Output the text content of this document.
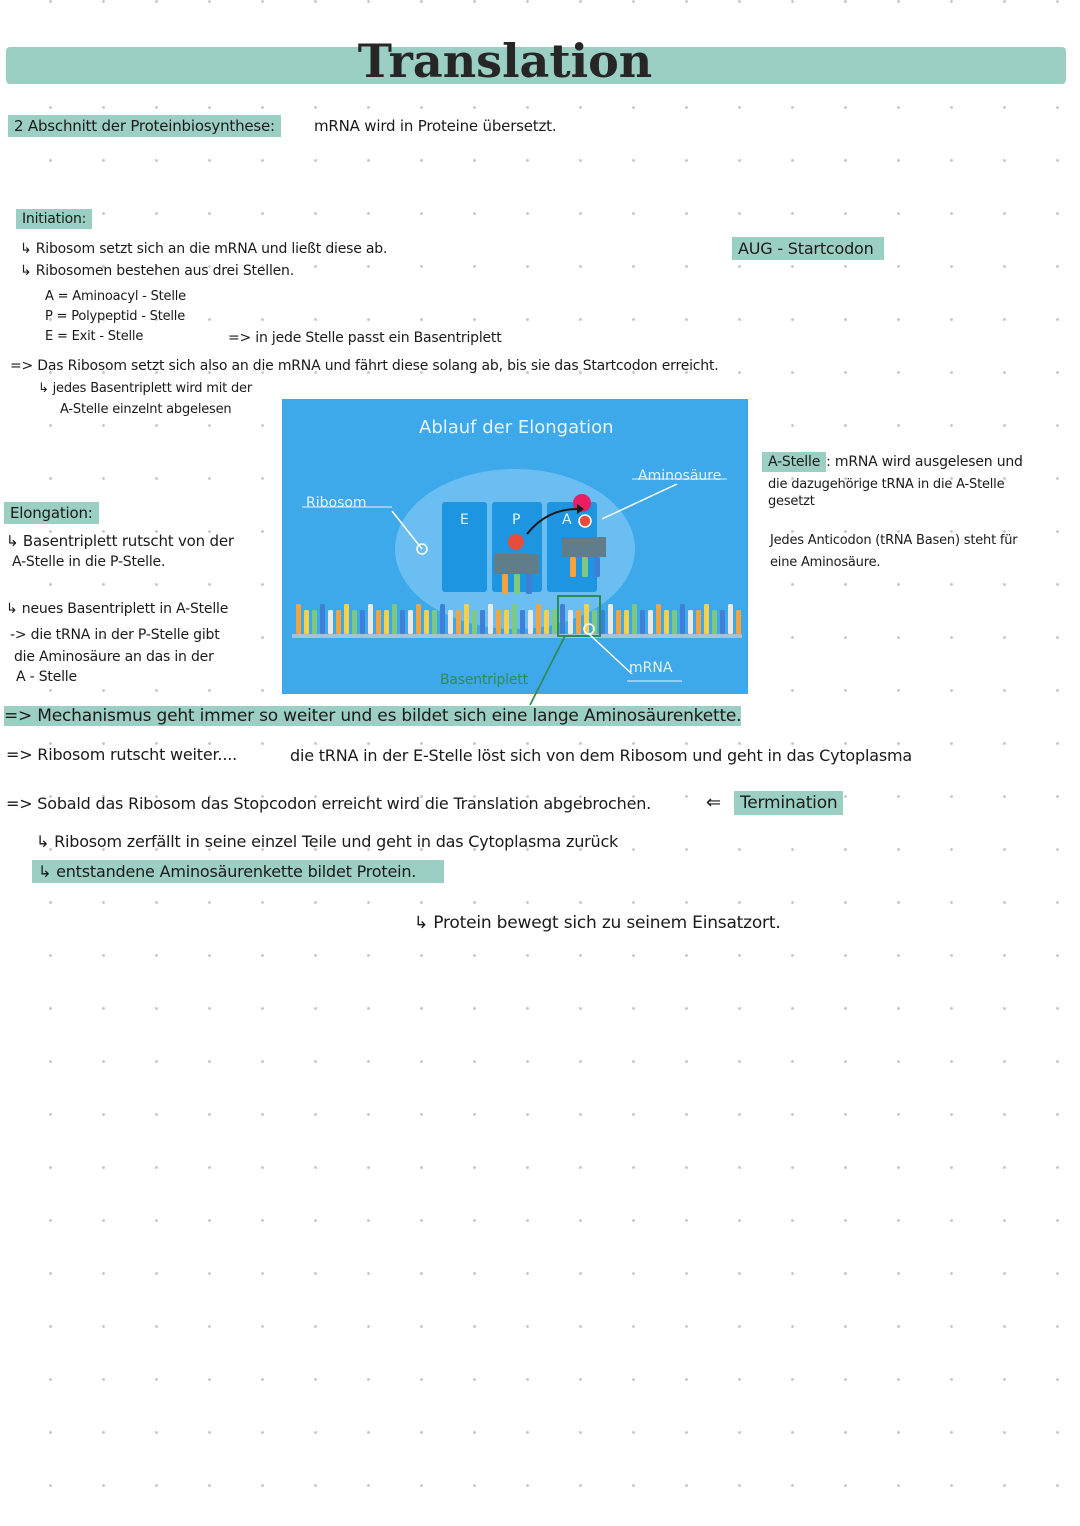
Translation
2 Abschnitt der Proteinbiosynthese:	mRNA wird in Proteine übersetzt.
Initiation:
↳ Ribosom setzt sich an die mRNA und ließt diese ab.
↳ Ribosomen bestehen aus drei Stellen.
A = Aminoacyl - Stelle
P = Polypeptid - Stelle
E = Exit - Stelle	=> in jede Stelle passt ein Basentriplett
AUG - Startcodon
=> Das Ribosom setzt sich also an die mRNA und fährt diese solang ab, bis sie das Startcodon erreicht.
↳ jedes Basentriplett wird mit der
A-Stelle einzelnt abgelesen
Ablauf der Elongation
Ribosom
Aminosäure
mRNA
E	P	A
Basentriplett
Elongation:
↳ Basentriplett rutscht von der
A-Stelle in die P-Stelle.
↳ neues Basentriplett in A-Stelle
-> die tRNA in der P-Stelle gibt
die Aminosäure an das in der
A - Stelle
A-Stelle : mRNA wird ausgelesen und
die dazugehörige tRNA in die A-Stelle
gesetzt
Jedes Anticodon (tRNA Basen) steht für
eine Aminosäure.
=> Mechanismus geht immer so weiter und es bildet sich eine lange Aminosäurenkette.
=> Ribosom rutscht weiter....	die tRNA in der E-Stelle löst sich von dem Ribosom und geht in das Cytoplasma
=> Sobald das Ribosom das Stopcodon erreicht wird die Translation abgebrochen.	⇐	Termination
↳ Ribosom zerfällt in seine einzel Teile und geht in das Cytoplasma zurück
↳ entstandene Aminosäurenkette bildet Protein.
↳ Protein bewegt sich zu seinem Einsatzort.
